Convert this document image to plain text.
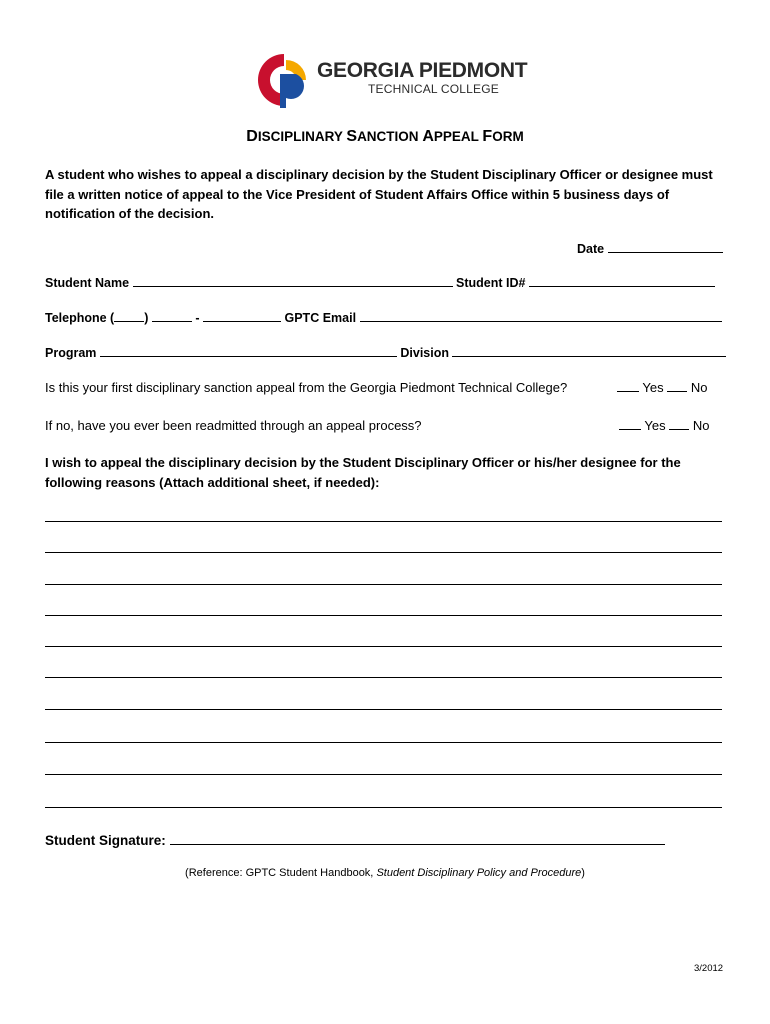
GEORGIA PIEDMONT
TECHNICAL COLLEGE
DISCIPLINARY SANCTION APPEAL FORM
A student who wishes to appeal a disciplinary decision by the Student Disciplinary Officer or designee must file a written notice of appeal to the Vice President of Student Affairs Office within 5 business days of notification of the decision.
Date
Student Name	Student ID#
Telephone ( )	-	GPTC Email
Program	Division
Is this your first disciplinary sanction appeal from the Georgia Piedmont Technical College?	Yes No
If no, have you ever been readmitted through an appeal process?	Yes No
I wish to appeal the disciplinary decision by the Student Disciplinary Officer or his/her designee for the following reasons (Attach additional sheet, if needed):
Student Signature:
(Reference: GPTC Student Handbook, Student Disciplinary Policy and Procedure)
3/2012
